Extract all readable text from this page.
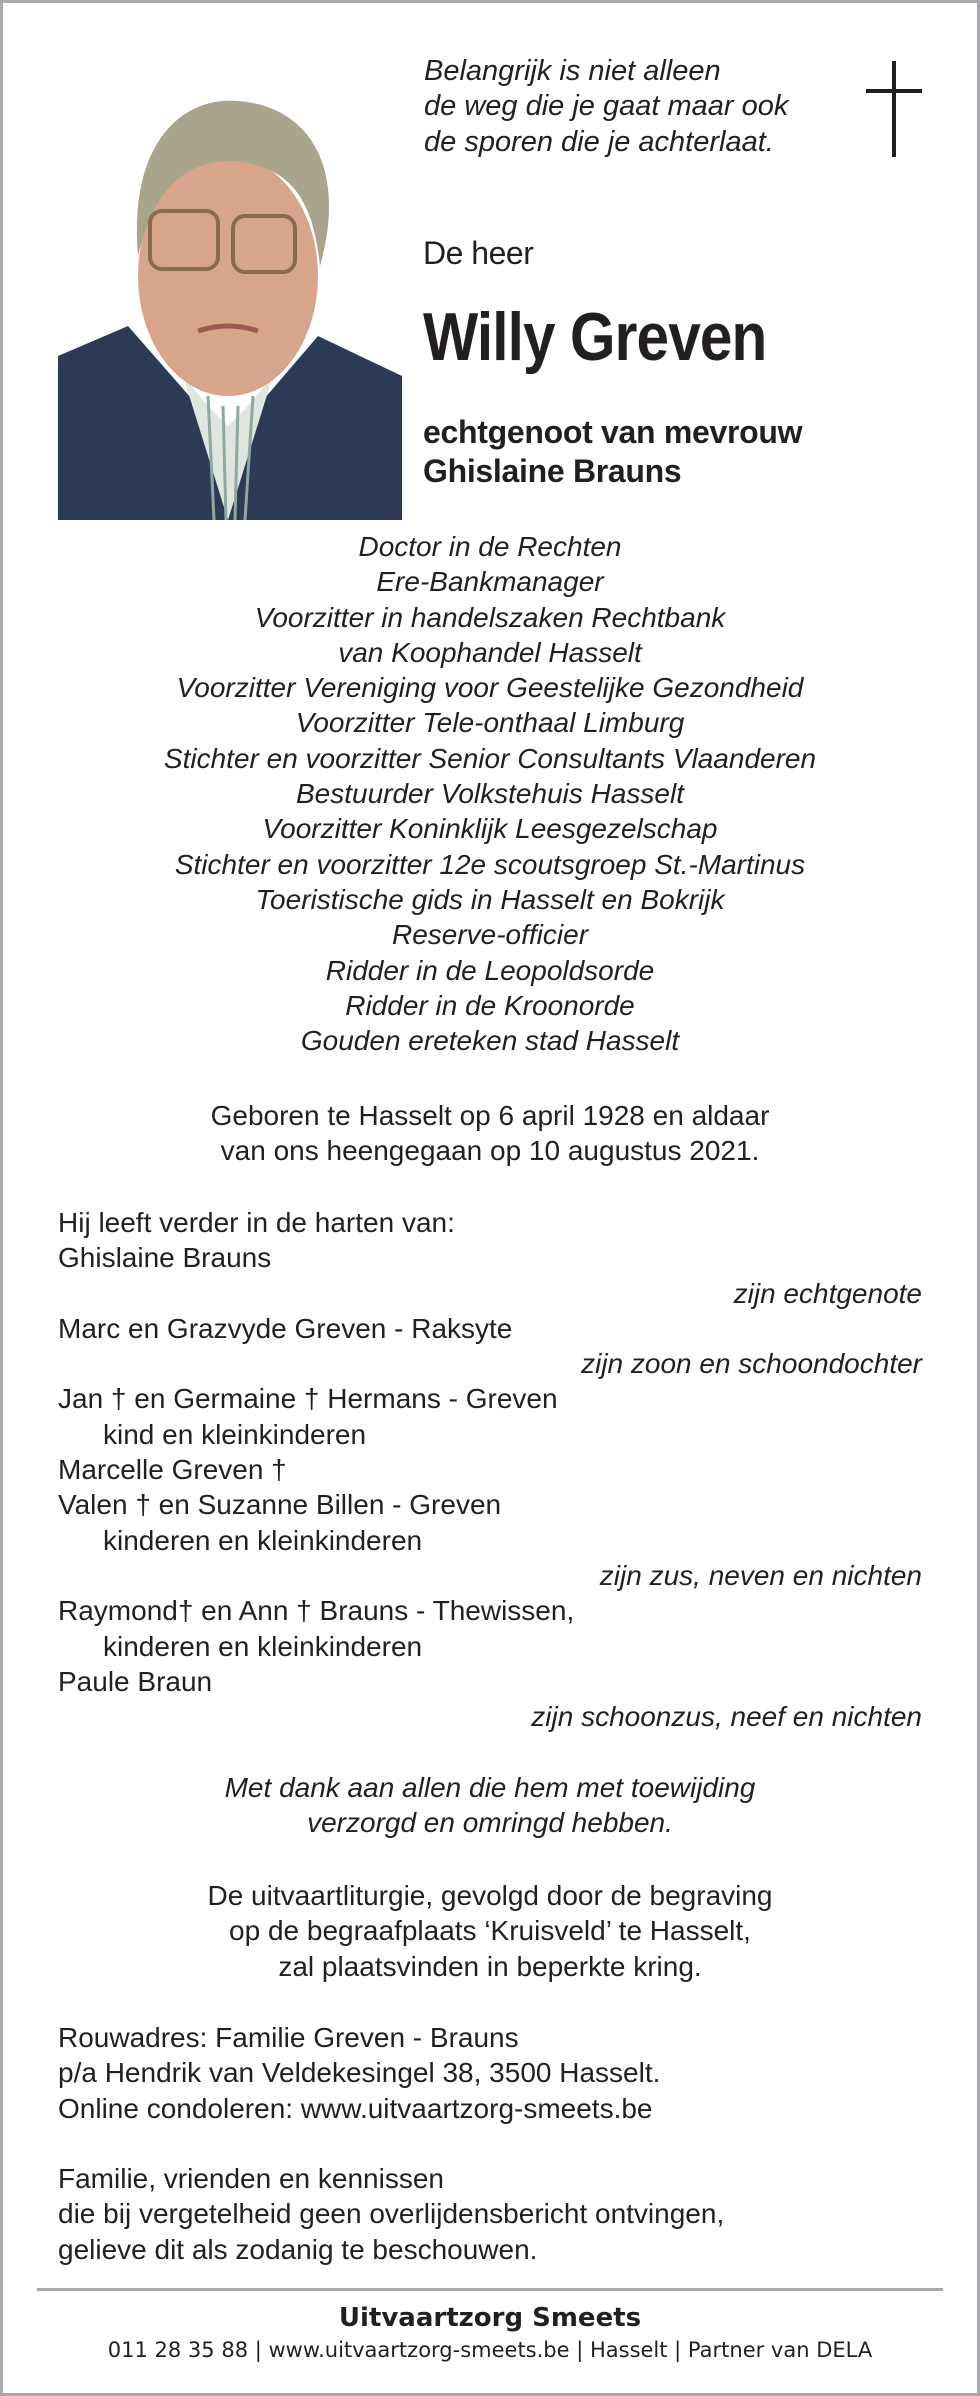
Belangrijk is niet alleen
de weg die je gaat maar ook
de sporen die je achterlaat.
De heer
Willy Greven
echtgenoot van mevrouw
Ghislaine Brauns
Doctor in de Rechten
Ere-Bankmanager
Voorzitter in handelszaken Rechtbank
van Koophandel Hasselt
Voorzitter Vereniging voor Geestelijke Gezondheid
Voorzitter Tele-onthaal Limburg
Stichter en voorzitter Senior Consultants Vlaanderen
Bestuurder Volkstehuis Hasselt
Voorzitter Koninklijk Leesgezelschap
Stichter en voorzitter 12e scoutsgroep St.-Martinus
Toeristische gids in Hasselt en Bokrijk
Reserve-officier
Ridder in de Leopoldsorde
Ridder in de Kroonorde
Gouden ereteken stad Hasselt
Geboren te Hasselt op 6 april 1928 en aldaar
van ons heengegaan op 10 augustus 2021.
Hij leeft verder in de harten van:
Ghislaine Brauns
zijn echtgenote
Marc en Grazvyde Greven - Raksyte
zijn zoon en schoondochter
Jan † en Germaine † Hermans - Greven
kind en kleinkinderen
Marcelle Greven †
Valen † en Suzanne Billen - Greven
kinderen en kleinkinderen
zijn zus, neven en nichten
Raymond† en Ann † Brauns - Thewissen,
kinderen en kleinkinderen
Paule Braun
zijn schoonzus, neef en nichten
Met dank aan allen die hem met toewijding
verzorgd en omringd hebben.
De uitvaartliturgie, gevolgd door de begraving
op de begraafplaats ‘Kruisveld’ te Hasselt,
zal plaatsvinden in beperkte kring.
Rouwadres: Familie Greven - Brauns
p/a Hendrik van Veldekesingel 38, 3500 Hasselt.
Online condoleren: www.uitvaartzorg-smeets.be
Familie, vrienden en kennissen
die bij vergetelheid geen overlijdensbericht ontvingen,
gelieve dit als zodanig te beschouwen.
Uitvaartzorg Smeets
011 28 35 88 | www.uitvaartzorg-smeets.be | Hasselt | Partner van DELA
